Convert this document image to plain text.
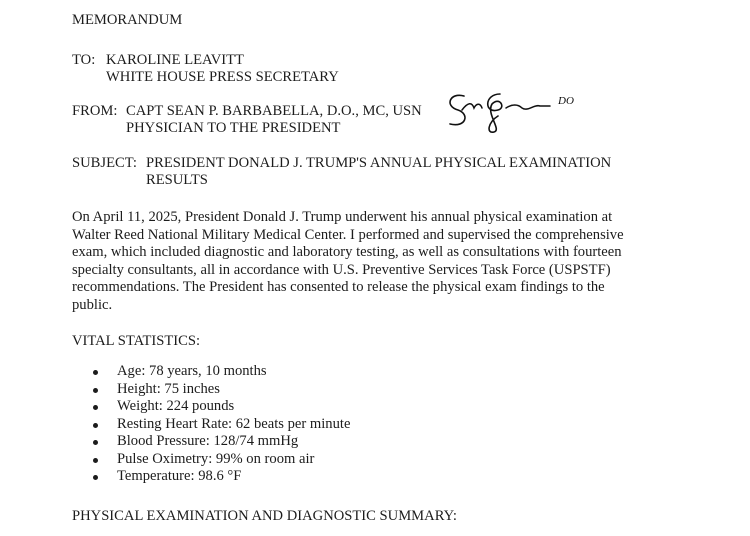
MEMORANDUM
TO: KAROLINE LEAVITT
WHITE HOUSE PRESS SECRETARY
FROM: CAPT SEAN P. BARBABELLA, D.O., MC, USN
PHYSICIAN TO THE PRESIDENT
DO
SUBJECT: PRESIDENT DONALD J. TRUMP'S ANNUAL PHYSICAL EXAMINATION
RESULTS
On April 11, 2025, President Donald J. Trump underwent his annual physical examination at
Walter Reed National Military Medical Center. I performed and supervised the comprehensive
exam, which included diagnostic and laboratory testing, as well as consultations with fourteen
specialty consultants, all in accordance with U.S. Preventive Services Task Force (USPSTF)
recommendations. The President has consented to release the physical exam findings to the
public.
VITAL STATISTICS:
Age: 78 years, 10 months
Height: 75 inches
Weight: 224 pounds
Resting Heart Rate: 62 beats per minute
Blood Pressure: 128/74 mmHg
Pulse Oximetry: 99% on room air
Temperature: 98.6 °F
PHYSICAL EXAMINATION AND DIAGNOSTIC SUMMARY:
